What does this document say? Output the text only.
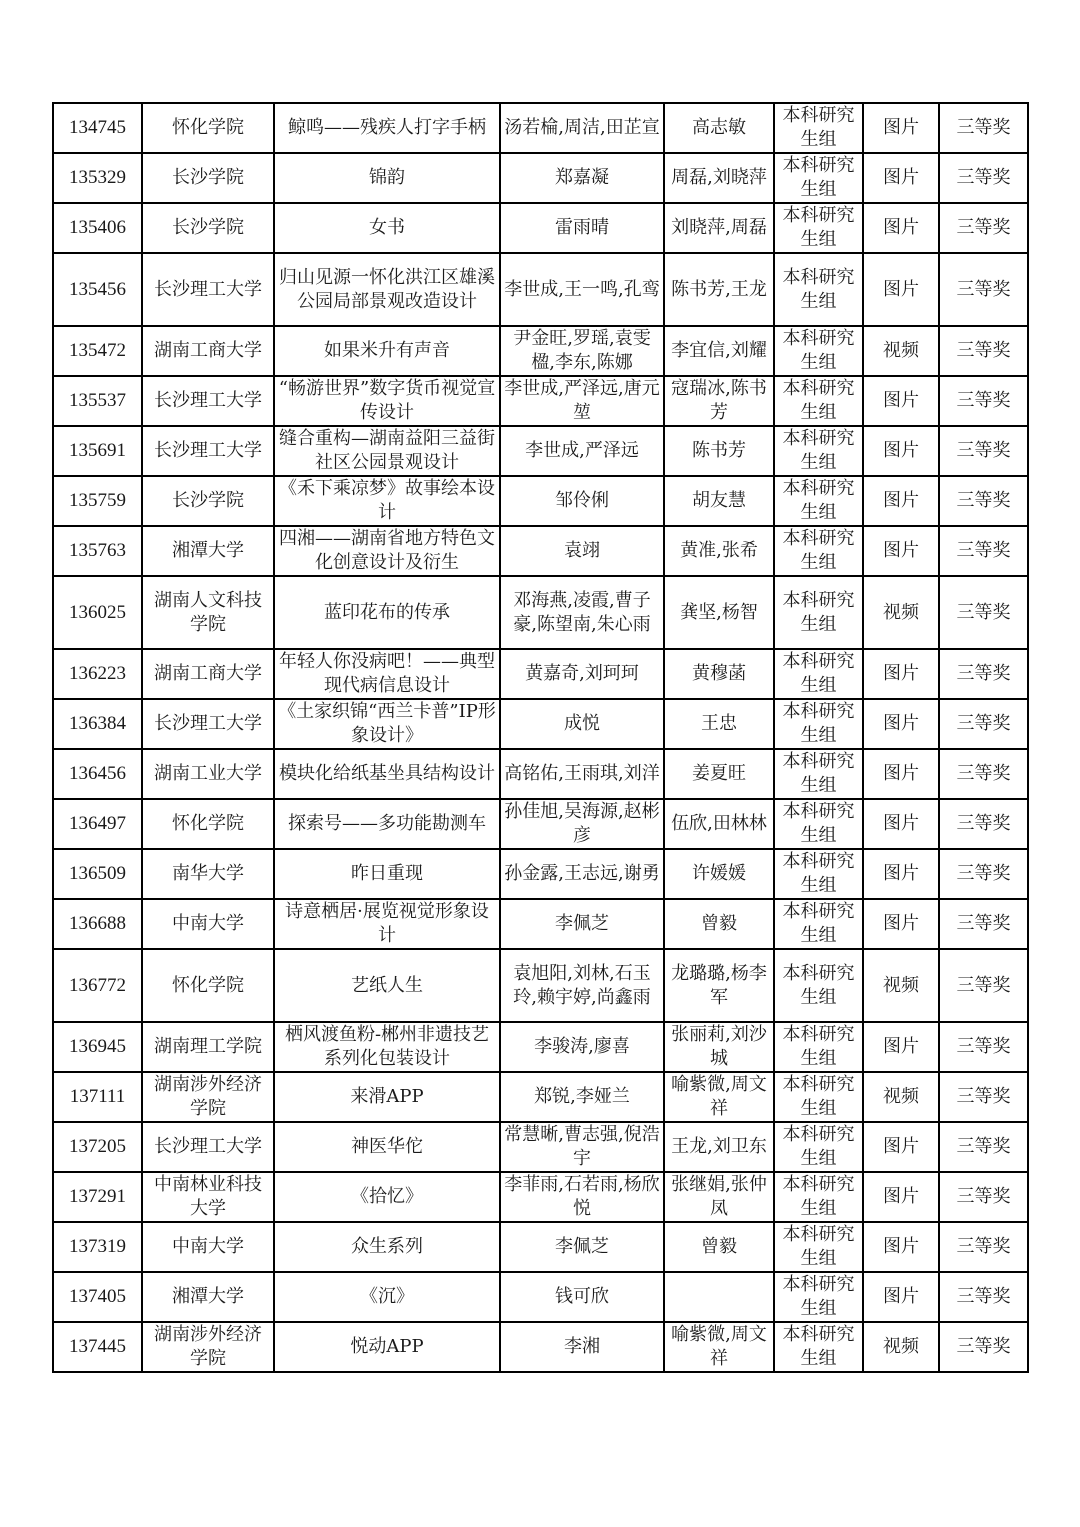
134745	怀化学院	鲸鸣——残疾人打字手柄	汤若棆,周洁,田芷宣	高志敏	本科研究生组	图片	三等奖
135329	长沙学院	锦韵	郑嘉凝	周磊,刘晓萍	本科研究生组	图片	三等奖
135406	长沙学院	女书	雷雨晴	刘晓萍,周磊	本科研究生组	图片	三等奖
135456	长沙理工大学	归山见源一怀化洪江区雄溪公园局部景观改造设计	李世成,王一鸣,孔鸾	陈书芳,王龙	本科研究生组	图片	三等奖
135472	湖南工商大学	如果米升有声音	尹金旺,罗瑶,袁雯楹,李东,陈娜	李宜信,刘耀	本科研究生组	视频	三等奖
135537	长沙理工大学	“畅游世界”数字货币视觉宣传设计	李世成,严泽远,唐元堃	寇瑞冰,陈书芳	本科研究生组	图片	三等奖
135691	长沙理工大学	缝合重构—湖南益阳三益街社区公园景观设计	李世成,严泽远	陈书芳	本科研究生组	图片	三等奖
135759	长沙学院	《禾下乘凉梦》故事绘本设计	邹伶俐	胡友慧	本科研究生组	图片	三等奖
135763	湘潭大学	四湘——湖南省地方特色文化创意设计及衍生	袁翊	黄准,张希	本科研究生组	图片	三等奖
136025	湖南人文科技学院	蓝印花布的传承	邓海燕,凌霞,曹子豪,陈望南,朱心雨	龚坚,杨智	本科研究生组	视频	三等奖
136223	湖南工商大学	年轻人你没病吧！——典型现代病信息设计	黄嘉奇,刘珂珂	黄穆菡	本科研究生组	图片	三等奖
136384	长沙理工大学	《土家织锦“西兰卡普”IP形象设计》	成悦	王忠	本科研究生组	图片	三等奖
136456	湖南工业大学	模块化给纸基坐具结构设计	高铭佑,王雨琪,刘洋	姜夏旺	本科研究生组	图片	三等奖
136497	怀化学院	探索号——多功能勘测车	孙佳旭,吴海源,赵彬彦	伍欣,田林林	本科研究生组	图片	三等奖
136509	南华大学	昨日重现	孙金露,王志远,谢勇	许媛媛	本科研究生组	图片	三等奖
136688	中南大学	诗意栖居·展览视觉形象设计	李佩芝	曾毅	本科研究生组	图片	三等奖
136772	怀化学院	艺纸人生	袁旭阳,刘林,石玉玲,赖宇婷,尚鑫雨	龙璐璐,杨李军	本科研究生组	视频	三等奖
136945	湖南理工学院	栖风渡鱼粉-郴州非遗技艺系列化包装设计	李骏涛,廖喜	张丽莉,刘沙城	本科研究生组	图片	三等奖
137111	湖南涉外经济学院	来滑APP	郑锐,李娅兰	喻紫微,周文祥	本科研究生组	视频	三等奖
137205	长沙理工大学	神医华佗	常慧晰,曹志强,倪浩宇	王龙,刘卫东	本科研究生组	图片	三等奖
137291	中南林业科技大学	《拾忆》	李菲雨,石若雨,杨欣悦	张继娟,张仲凤	本科研究生组	图片	三等奖
137319	中南大学	众生系列	李佩芝	曾毅	本科研究生组	图片	三等奖
137405	湘潭大学	《沉》	钱可欣		本科研究生组	图片	三等奖
137445	湖南涉外经济学院	悦动APP	李湘	喻紫微,周文祥	本科研究生组	视频	三等奖
